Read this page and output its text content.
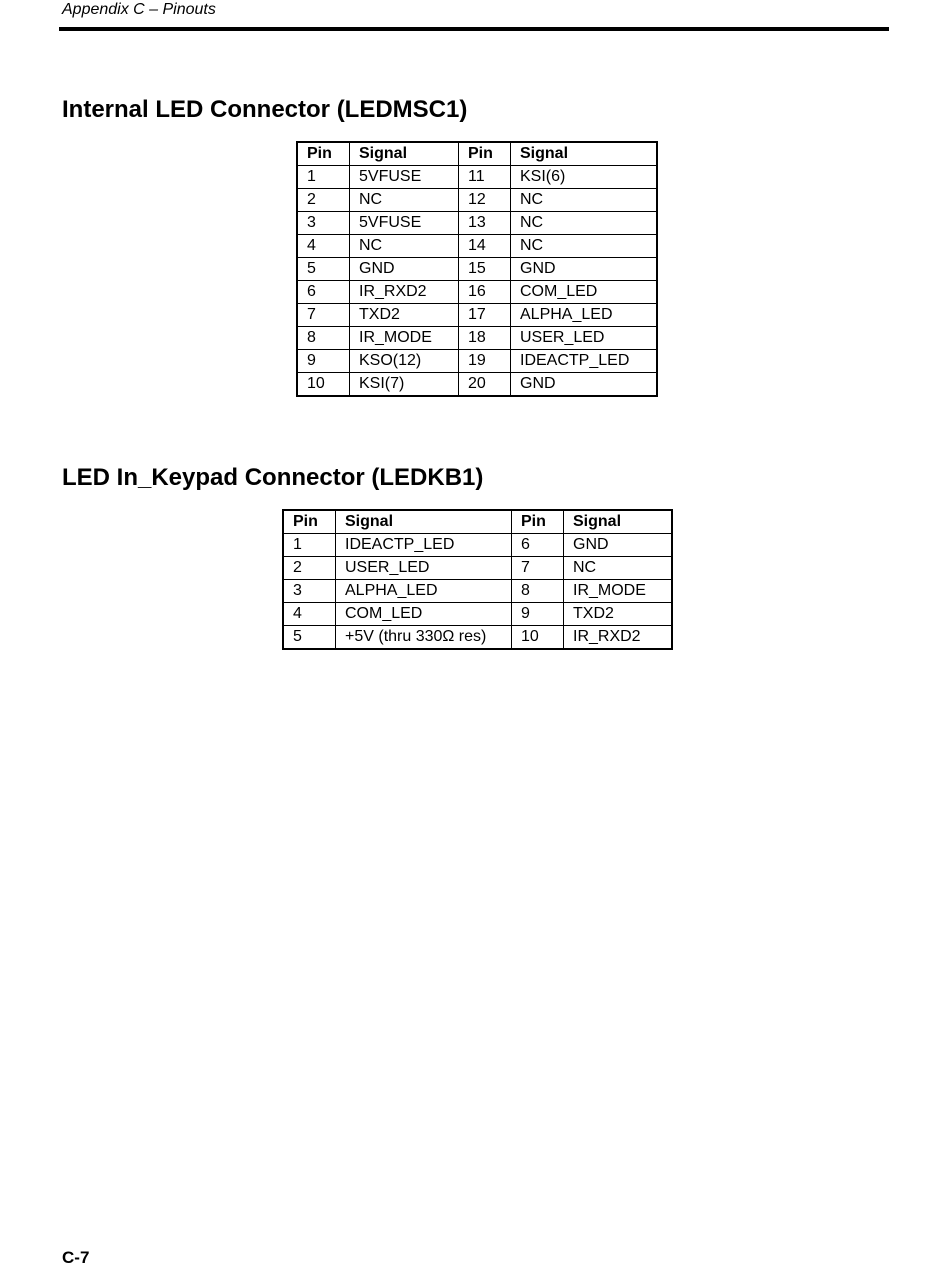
Appendix C – Pinouts
Internal LED Connector (LEDMSC1)
Pin	Signal	Pin	Signal
1	5VFUSE	11	KSI(6)
2	NC	12	NC
3	5VFUSE	13	NC
4	NC	14	NC
5	GND	15	GND
6	IR_RXD2	16	COM_LED
7	TXD2	17	ALPHA_LED
8	IR_MODE	18	USER_LED
9	KSO(12)	19	IDEACTP_LED
10	KSI(7)	20	GND
LED In_Keypad Connector (LEDKB1)
Pin	Signal	Pin	Signal
1	IDEACTP_LED	6	GND
2	USER_LED	7	NC
3	ALPHA_LED	8	IR_MODE
4	COM_LED	9	TXD2
5	+5V (thru 330Ω res)	10	IR_RXD2
C-7
